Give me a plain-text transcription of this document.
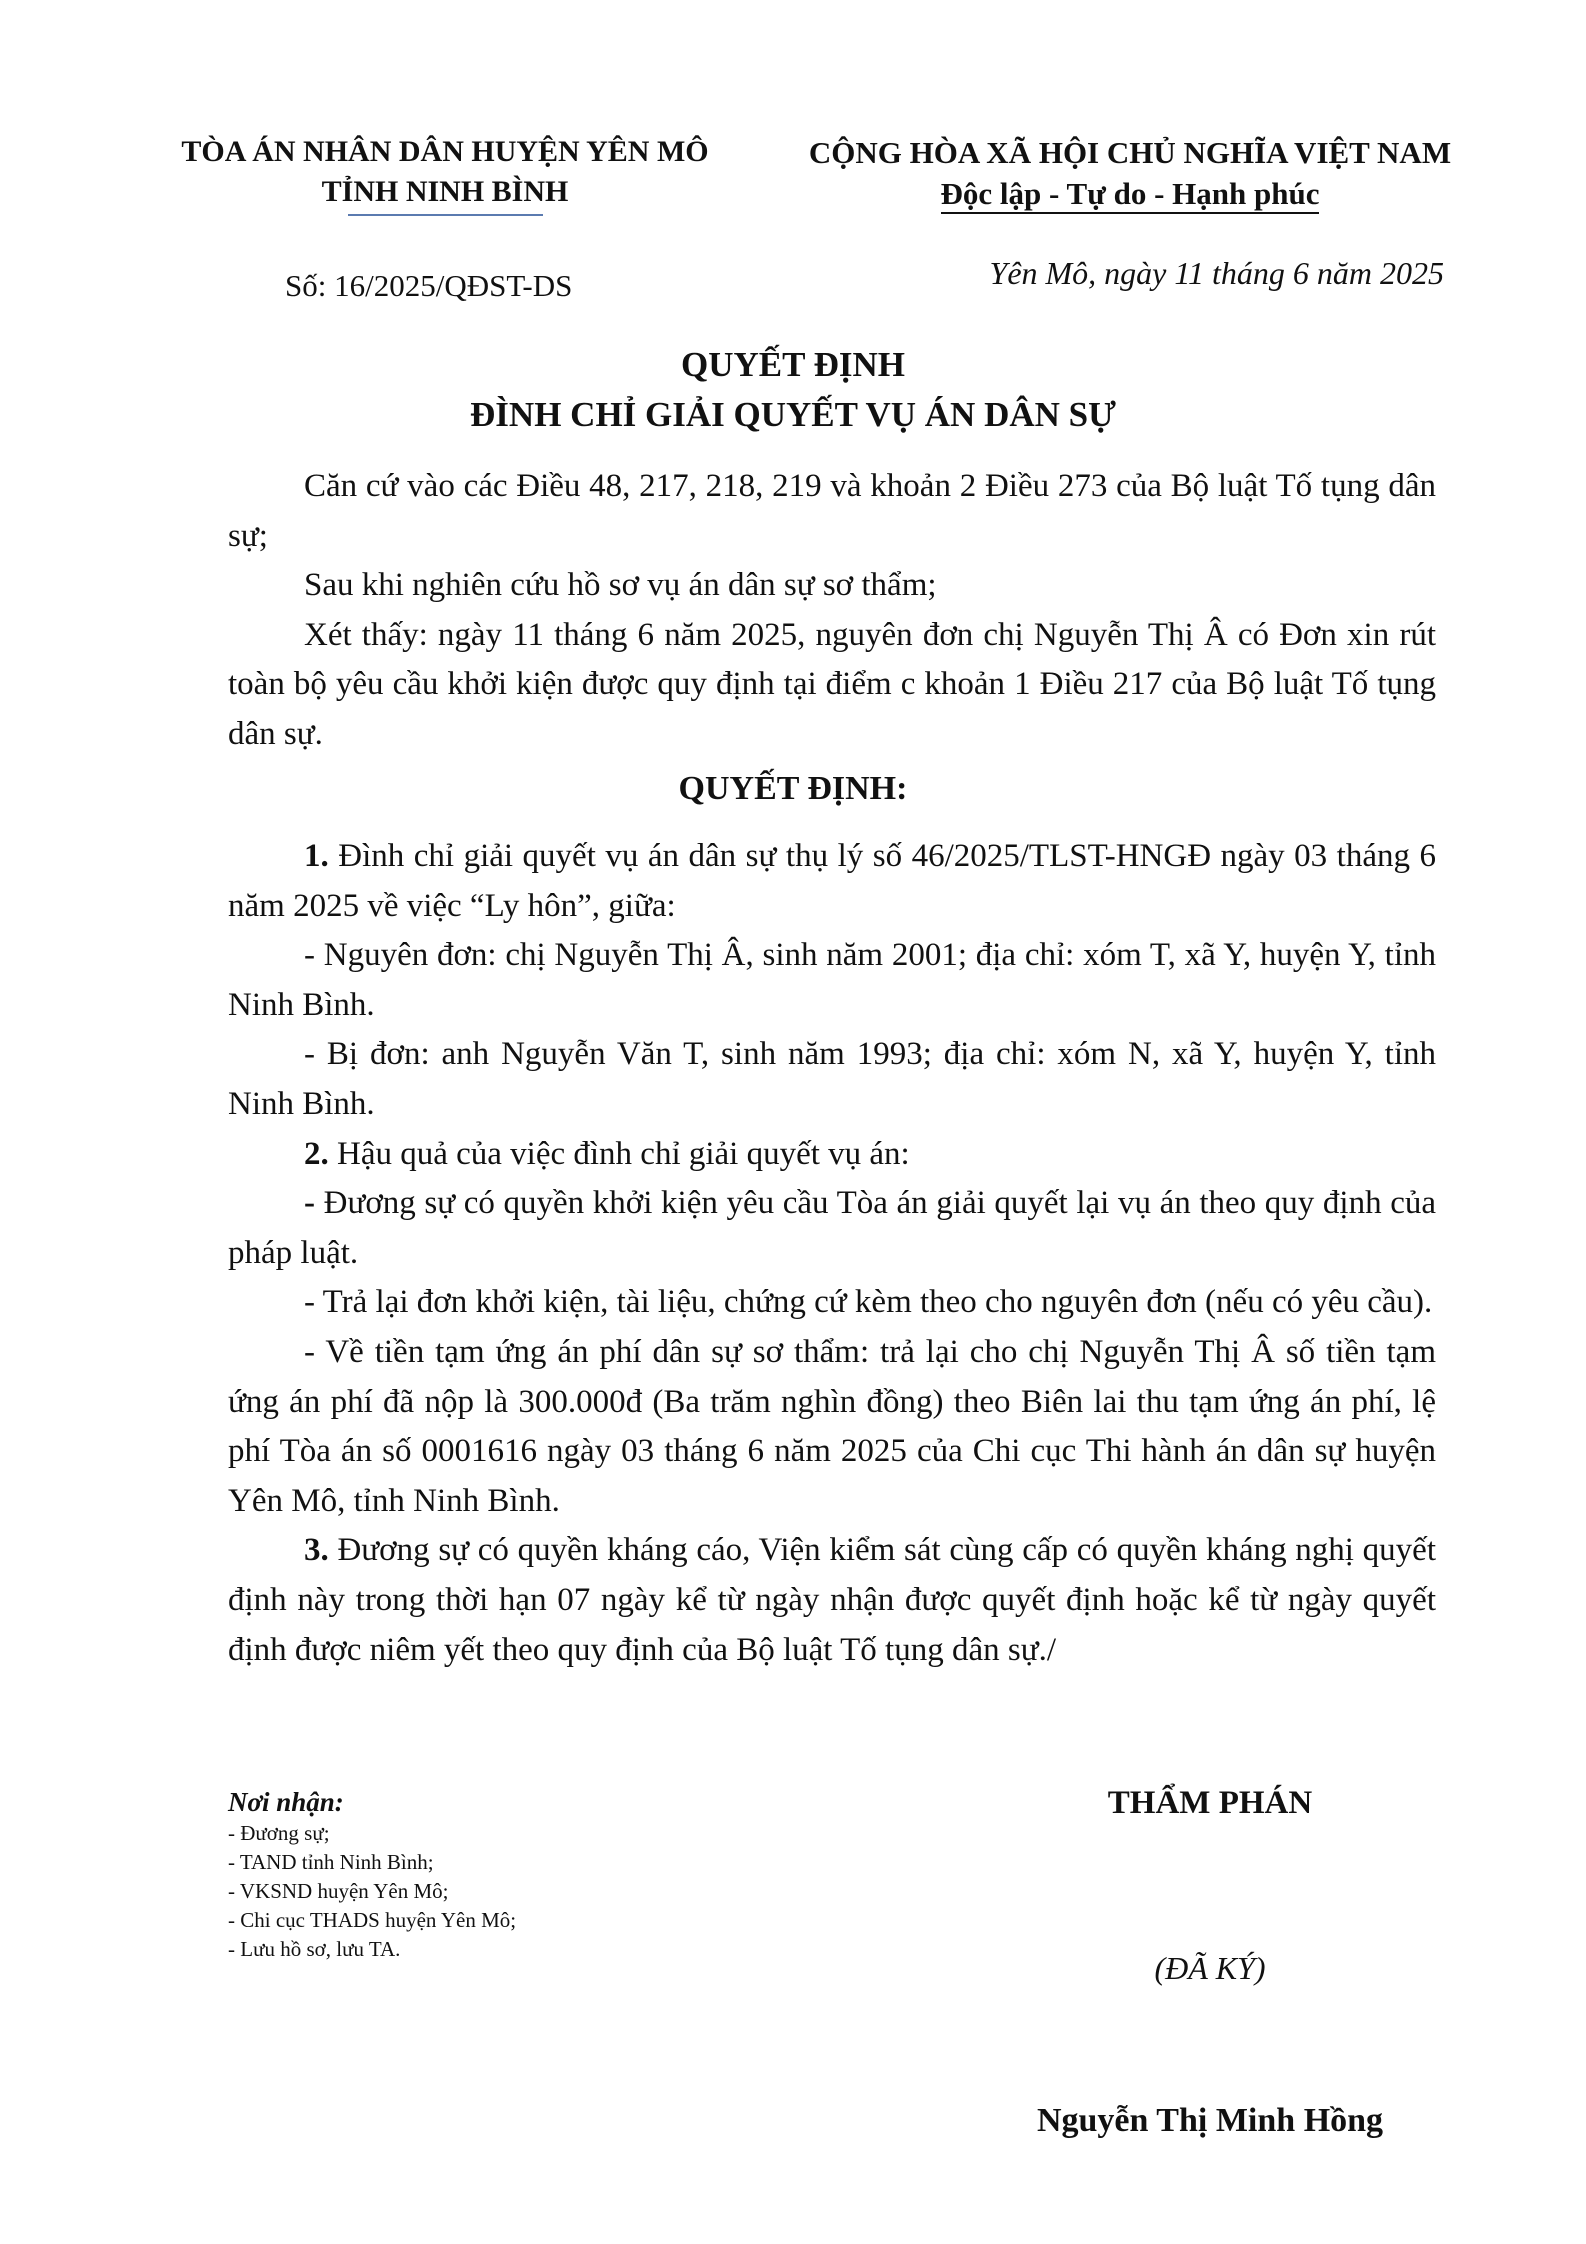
TÒA ÁN NHÂN DÂN HUYỆN YÊN MÔ
TỈNH NINH BÌNH
CỘNG HÒA XÃ HỘI CHỦ NGHĨA VIỆT NAM
Độc lập - Tự do - Hạnh phúc
Số: 16/2025/QĐST-DS	Yên Mô, ngày 11 tháng 6 năm 2025
QUYẾT ĐỊNH
ĐÌNH CHỈ GIẢI QUYẾT VỤ ÁN DÂN SỰ

Căn cứ vào các Điều 48, 217, 218, 219 và khoản 2 Điều 273 của Bộ luật Tố tụng dân sự;

Sau khi nghiên cứu hồ sơ vụ án dân sự sơ thẩm;

Xét thấy: ngày 11 tháng 6 năm 2025, nguyên đơn chị Nguyễn Thị Â có Đơn xin rút toàn bộ yêu cầu khởi kiện được quy định tại điểm c khoản 1 Điều 217 của Bộ luật Tố tụng dân sự.

QUYẾT ĐỊNH:

1. Đình chỉ giải quyết vụ án dân sự thụ lý số 46/2025/TLST-HNGĐ ngày 03 tháng 6 năm 2025 về việc “Ly hôn”, giữa:

- Nguyên đơn: chị Nguyễn Thị Â, sinh năm 2001; địa chỉ: xóm T, xã Y, huyện Y, tỉnh Ninh Bình.

- Bị đơn: anh Nguyễn Văn T, sinh năm 1993; địa chỉ: xóm N, xã Y, huyện Y, tỉnh Ninh Bình.

2. Hậu quả của việc đình chỉ giải quyết vụ án:

- Đương sự có quyền khởi kiện yêu cầu Tòa án giải quyết lại vụ án theo quy định của pháp luật.

- Trả lại đơn khởi kiện, tài liệu, chứng cứ kèm theo cho nguyên đơn (nếu có yêu cầu).

- Về tiền tạm ứng án phí dân sự sơ thẩm: trả lại cho chị Nguyễn Thị Â số tiền tạm ứng án phí đã nộp là 300.000đ (Ba trăm nghìn đồng) theo Biên lai thu tạm ứng án phí, lệ phí Tòa án số 0001616 ngày 03 tháng 6 năm 2025 của Chi cục Thi hành án dân sự huyện Yên Mô, tỉnh Ninh Bình.

3. Đương sự có quyền kháng cáo, Viện kiểm sát cùng cấp có quyền kháng nghị quyết định này trong thời hạn 07 ngày kể từ ngày nhận được quyết định hoặc kể từ ngày quyết định được niêm yết theo quy định của Bộ luật Tố tụng dân sự./

Nơi nhận:
- Đương sự;
- TAND tỉnh Ninh Bình;
- VKSND huyện Yên Mô;
- Chi cục THADS huyện Yên Mô;
- Lưu hồ sơ, lưu TA.
THẨM PHÁN
(ĐÃ KÝ)
Nguyễn Thị Minh Hồng
